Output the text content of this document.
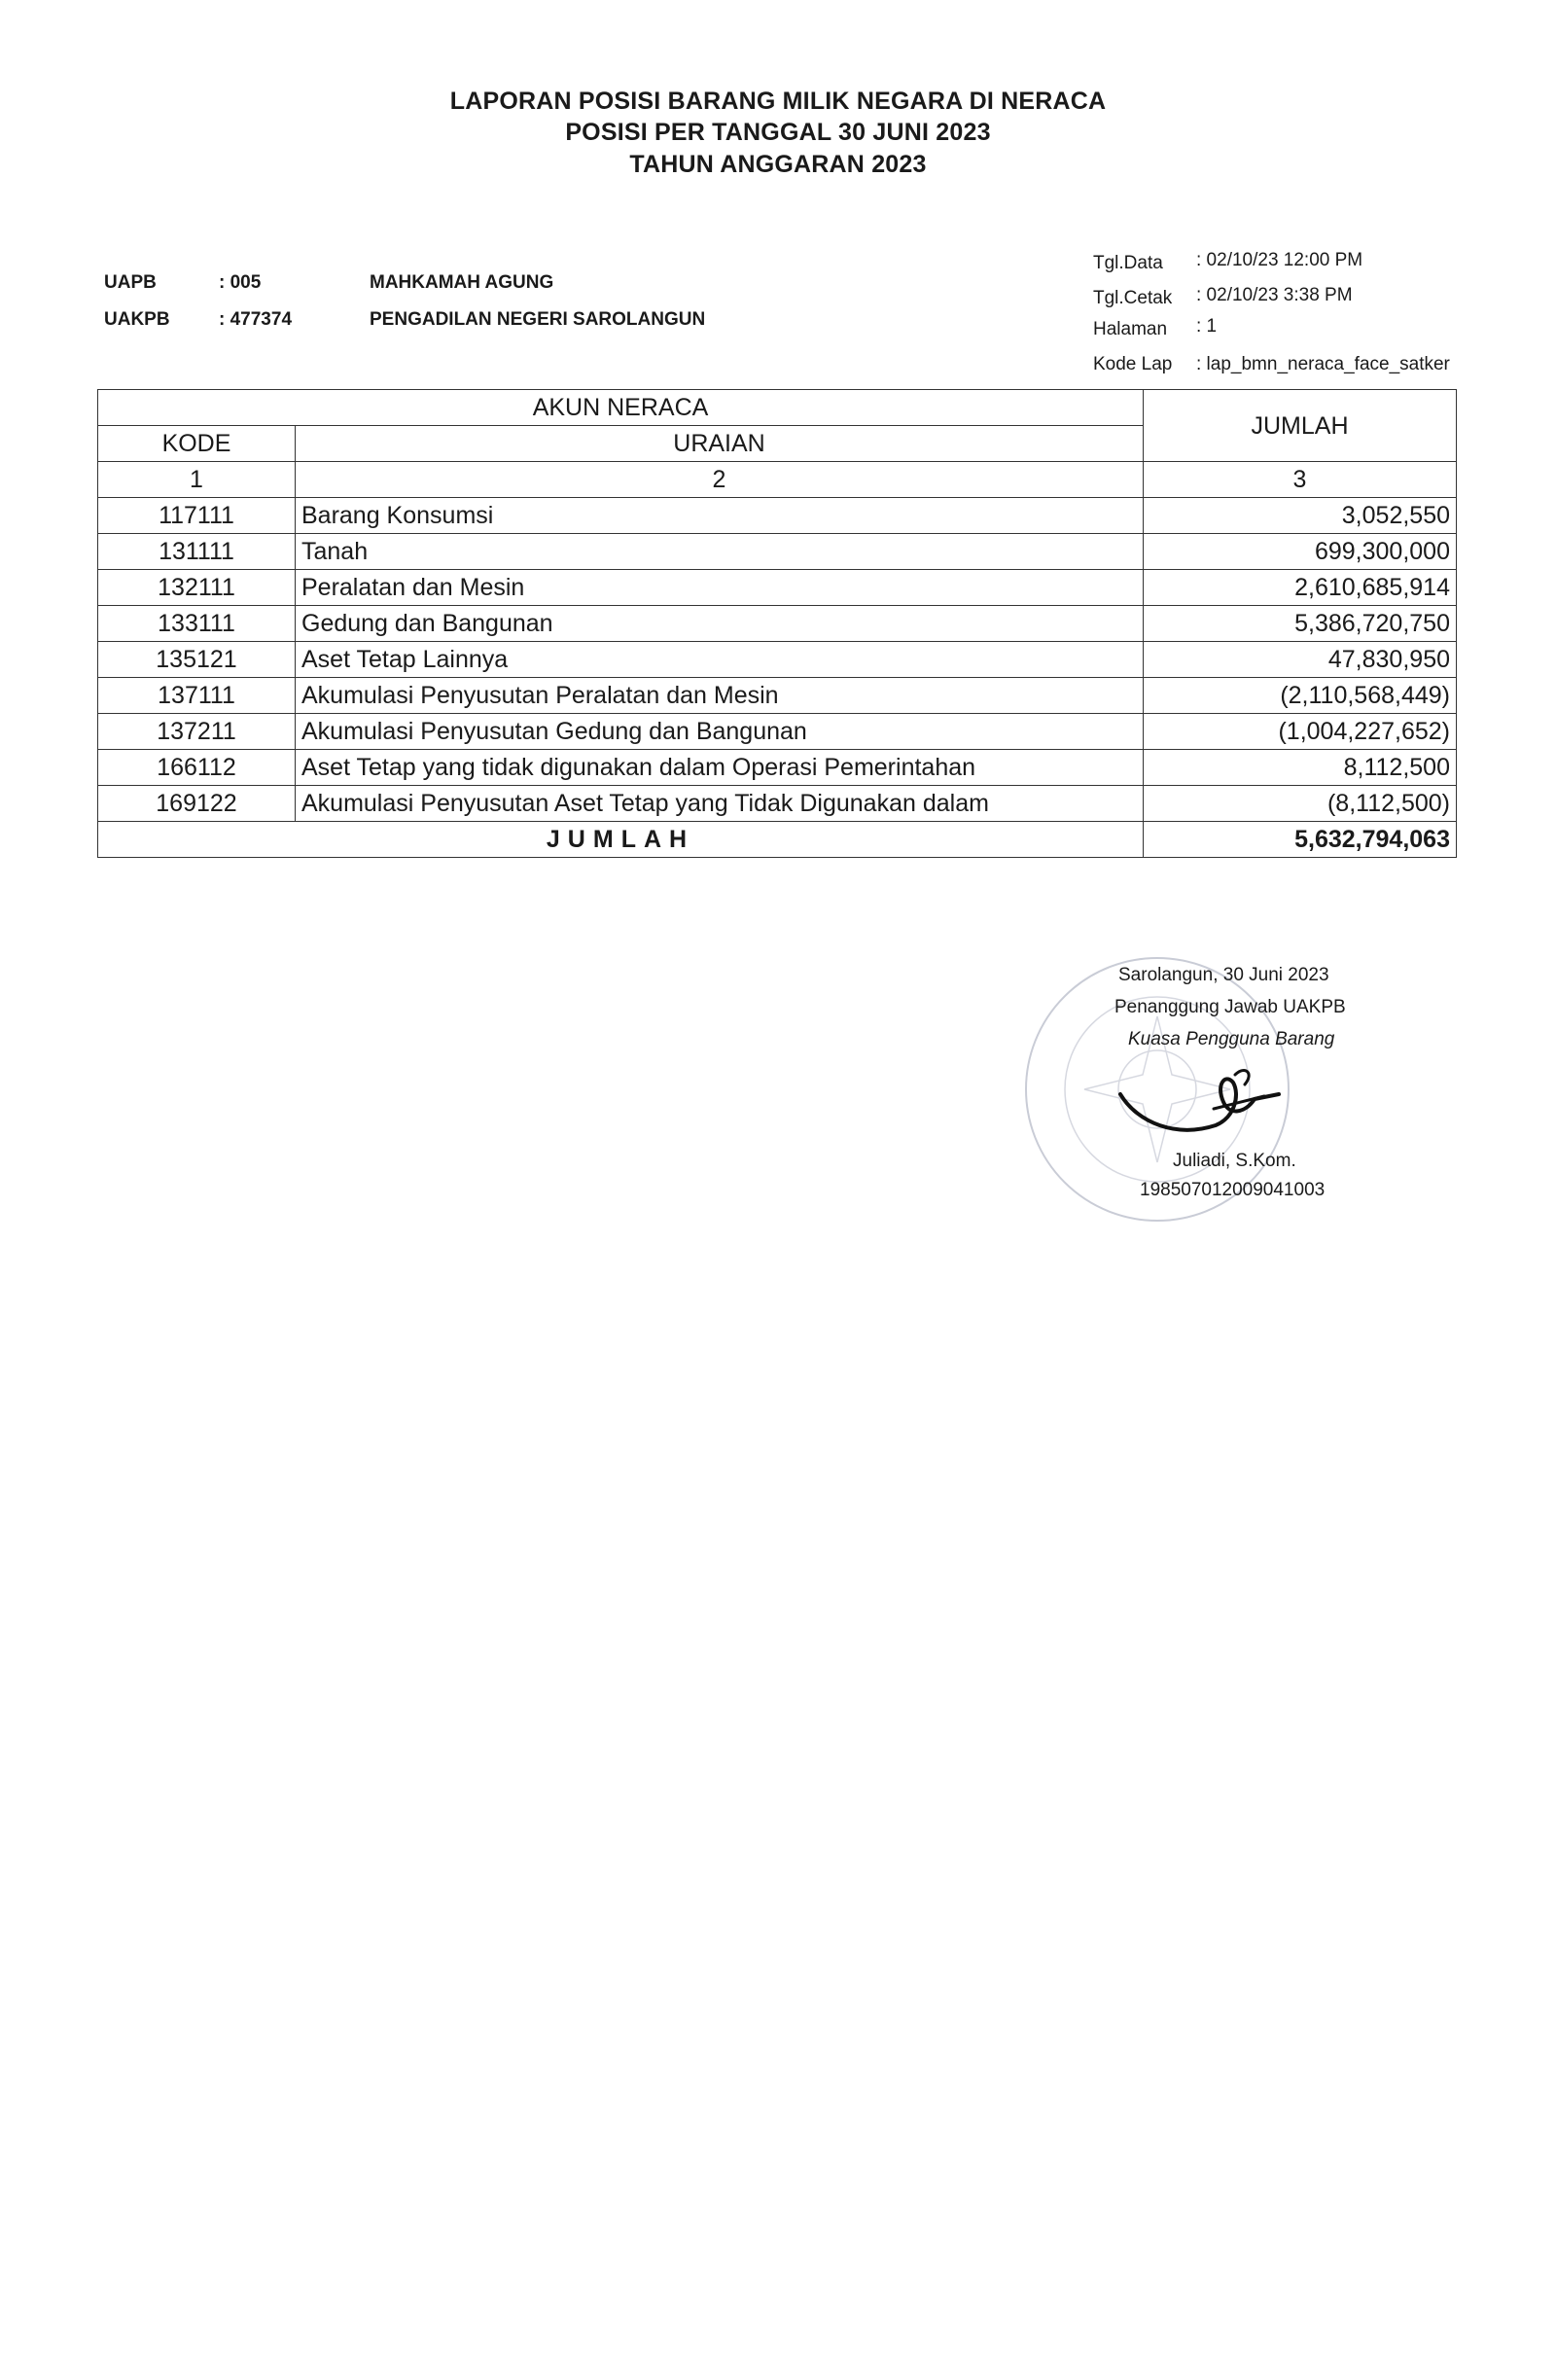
LAPORAN POSISI BARANG MILIK NEGARA DI NERACA
POSISI PER TANGGAL 30 JUNI 2023
TAHUN ANGGARAN 2023
UAPB	: 005	MAHKAMAH AGUNG
UAKPB	: 477374	PENGADILAN NEGERI SAROLANGUN
Tgl.Data : 02/10/23 12:00 PM
Tgl.Cetak : 02/10/23 3:38 PM
Halaman : 1
Kode Lap : lap_bmn_neraca_face_satker
AKUN NERACA		JUMLAH
KODE	URAIAN	
1	2	3
117111	Barang Konsumsi	3,052,550
131111	Tanah	699,300,000
132111	Peralatan dan Mesin	2,610,685,914
133111	Gedung dan Bangunan	5,386,720,750
135121	Aset Tetap Lainnya	47,830,950
137111	Akumulasi Penyusutan Peralatan dan Mesin	(2,110,568,449)
137211	Akumulasi Penyusutan Gedung dan Bangunan	(1,004,227,652)
166112	Aset Tetap yang tidak digunakan dalam Operasi Pemerintahan	8,112,500
169122	Akumulasi Penyusutan Aset Tetap yang Tidak Digunakan dalam	(8,112,500)
JUMLAH		5,632,794,063
Sarolangun, 30 Juni 2023
Penanggung Jawab UAKPB
Kuasa Pengguna Barang
Juliadi, S.Kom.
198507012009041003
